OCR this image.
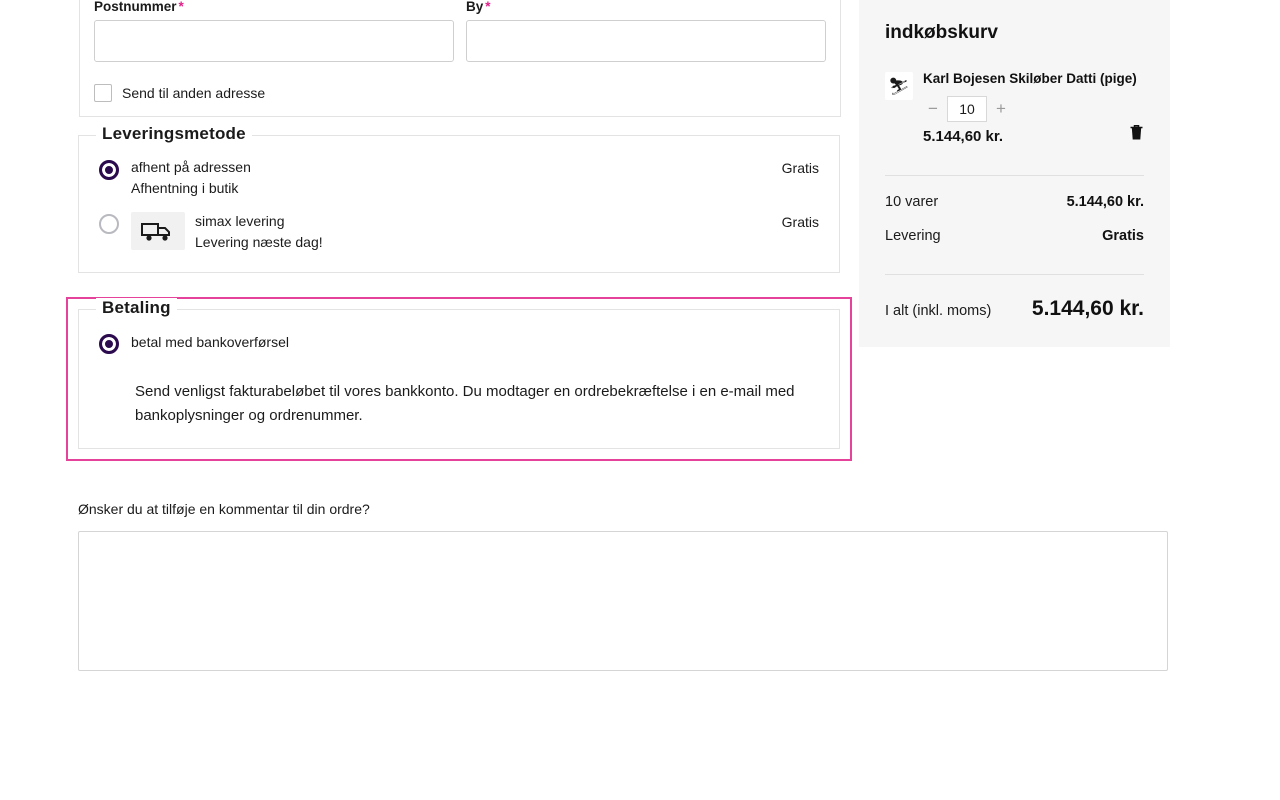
Postnummer *	By *
Send til anden adresse
Leveringsmetode
afhent på adressen
Afhentning i butik
Gratis
simax levering
Levering næste dag!
Gratis
Betaling
betal med bankoverførsel
Send venligst fakturabeløbet til vores bankkonto. Du modtager en ordrebekræftelse i en e-mail med bankoplysninger og ordrenummer.
Ønsker du at tilføje en kommentar til din ordre?
indkøbskurv
⛷ Karl Bojesen Skiløber Datti (pige)
−
10	+
5.144,60 kr.
10 varer	5.144,60 kr.
Levering	Gratis
I alt (inkl. moms) 5.144,60 kr.
